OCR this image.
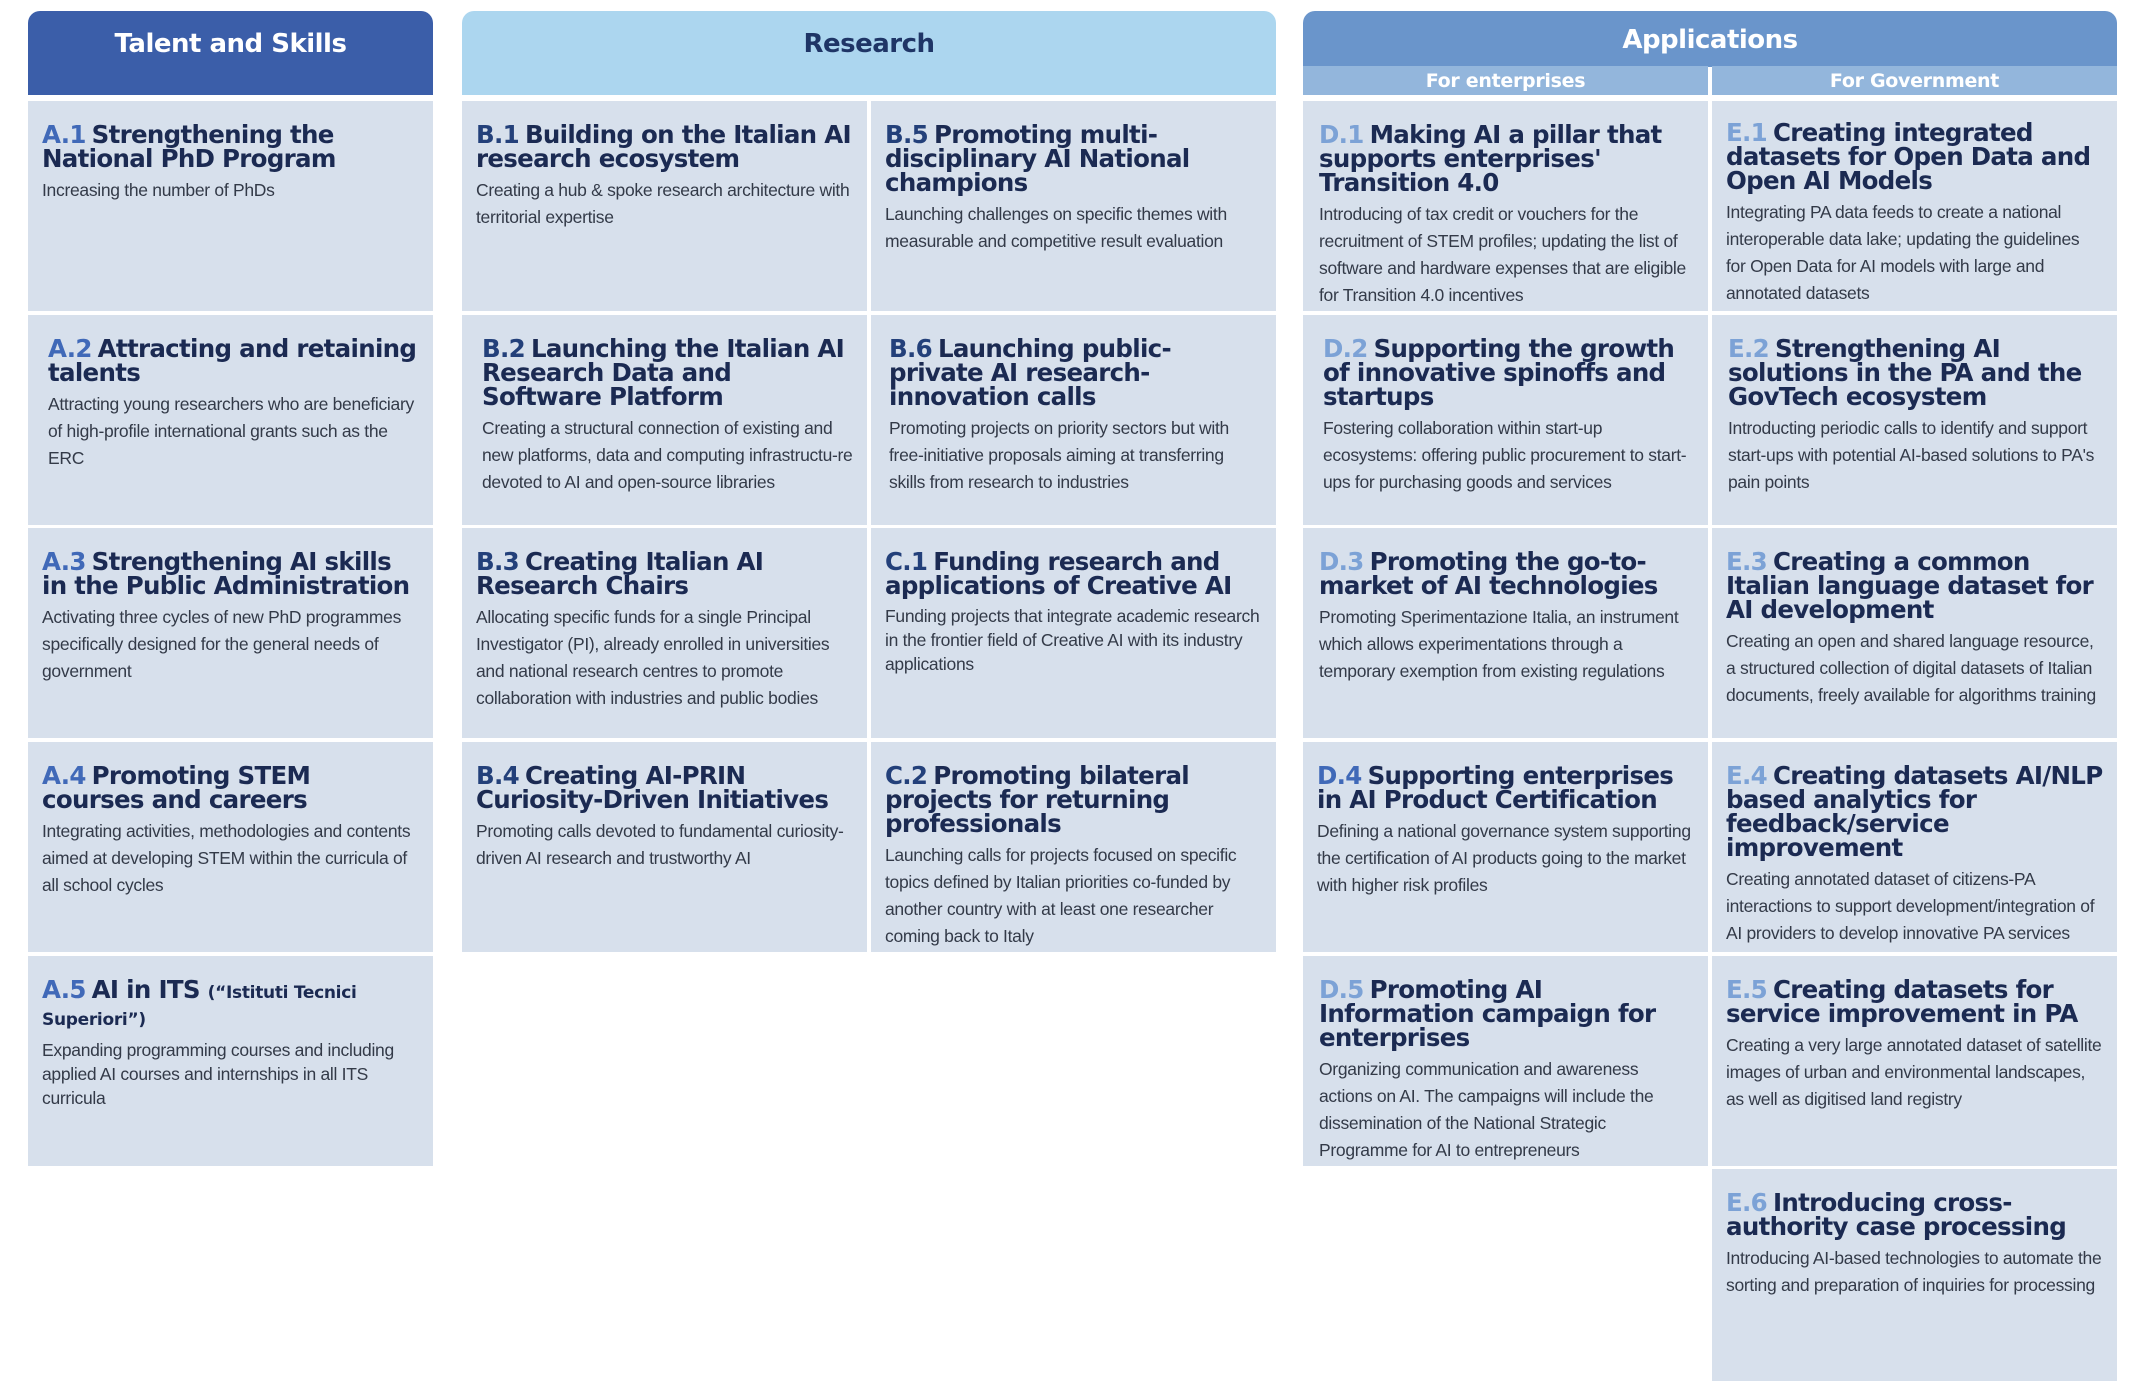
Talent and Skills	Research	Applications
For enterprises	For Government
A.1 Strengthening the National PhD Program
Increasing the number of PhDs
A.2 Attracting and retaining talents
Attracting young researchers who are beneficiary of high-profile international grants such as the ERC
A.3 Strengthening AI skills in the Public Administration
Activating three cycles of new PhD programmes specifically designed for the general needs of government
A.4 Promoting STEM courses and careers
Integrating activities, methodologies and contents aimed at developing STEM within the curricula of all school cycles
A.5 AI in ITS (“Istituti Tecnici Superiori”)
Expanding programming courses and including applied AI courses and internships in all ITS curricula
B.1 Building on the Italian AI research ecosystem
Creating a hub & spoke research architecture with territorial expertise
B.2 Launching the Italian AI Research Data and Software Platform
Creating a structural connection of existing and new platforms, data and computing infrastructu-re devoted to AI and open-source libraries
B.3 Creating Italian AI Research Chairs
Allocating specific funds for a single Principal Investigator (PI), already enrolled in universities and national research centres to promote collaboration with industries and public bodies
B.4 Creating AI-PRIN Curiosity-Driven Initiatives
Promoting calls devoted to fundamental curiosity-driven AI research and trustworthy AI
B.5 Promoting multi-disciplinary AI National champions
Launching challenges on specific themes with measurable and competitive result evaluation
B.6 Launching public-private AI research-innovation calls
Promoting projects on priority sectors but with free-initiative proposals aiming at transferring skills from research to industries
C.1 Funding research and applications of Creative AI
Funding projects that integrate academic research in the frontier field of Creative AI with its industry applications
C.2 Promoting bilateral projects for returning professionals
Launching calls for projects focused on specific topics defined by Italian priorities co-funded by another country with at least one researcher coming back to Italy
D.1 Making AI a pillar that supports enterprises' Transition 4.0
Introducing of tax credit or vouchers for the recruitment of STEM profiles; updating the list of software and hardware expenses that are eligible for Transition 4.0 incentives
D.2 Supporting the growth of innovative spinoffs and startups
Fostering collaboration within start-up ecosystems: offering public procurement to start-ups for purchasing goods and services
D.3 Promoting the go-to-market of AI technologies
Promoting Sperimentazione Italia, an instrument which allows experimentations through a temporary exemption from existing regulations
D.4 Supporting enterprises in AI Product Certification
Defining a national governance system supporting the certification of AI products going to the market with higher risk profiles
D.5 Promoting AI Information campaign for enterprises
Organizing communication and awareness actions on AI. The campaigns will include the dissemination of the National Strategic Programme for AI to entrepreneurs
E.1 Creating integrated datasets for Open Data and Open AI Models
Integrating PA data feeds to create a national interoperable data lake; updating the guidelines for Open Data for AI models with large and annotated datasets
E.2 Strengthening AI solutions in the PA and the GovTech ecosystem
Introducting periodic calls to identify and support start-ups with potential AI-based solutions to PA's pain points
E.3 Creating a common Italian language dataset for AI development
Creating an open and shared language resource, a structured collection of digital datasets of Italian documents, freely available for algorithms training
E.4 Creating datasets AI/NLP based analytics for feedback/service improvement
Creating annotated dataset of citizens-PA interactions to support development/integration of AI providers to develop innovative PA services
E.5 Creating datasets for service improvement in PA
Creating a very large annotated dataset of satellite images of urban and environmental landscapes, as well as digitised land registry
E.6 Introducing cross-authority case processing
Introducing AI-based technologies to automate the sorting and preparation of inquiries for processing
